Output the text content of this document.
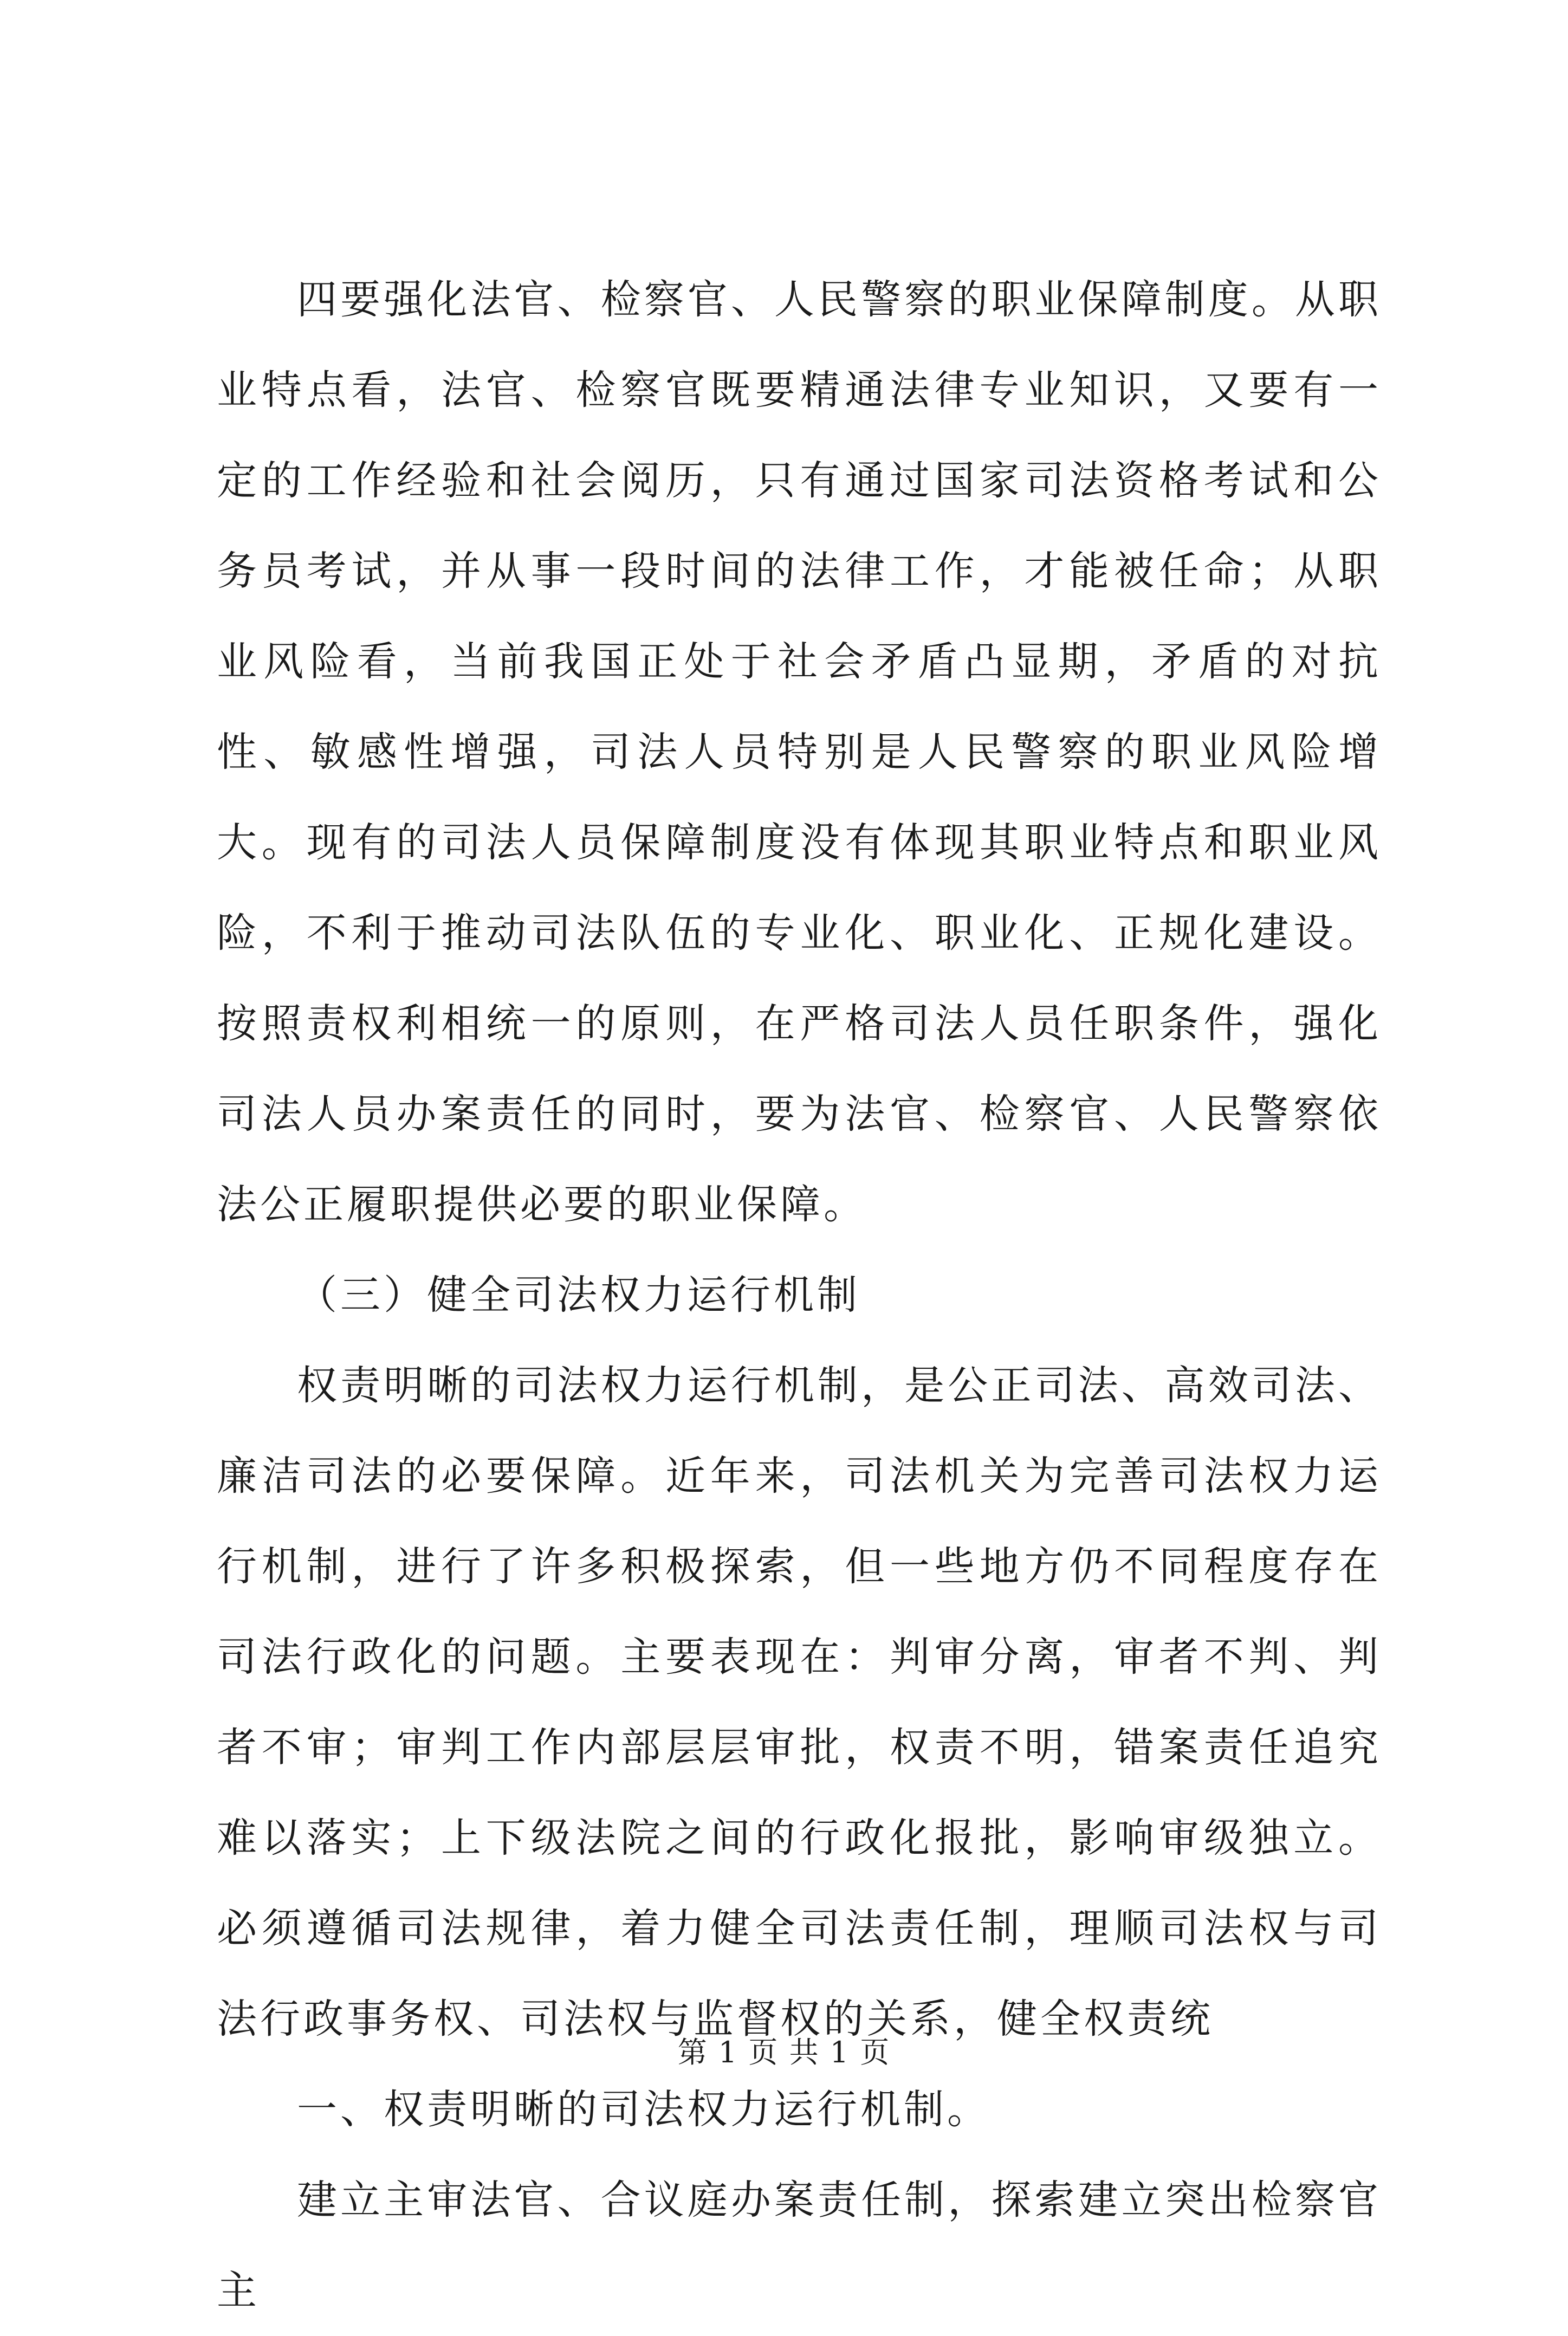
四要强化法官、检察官、人民警察的职业保障制度。从职业特点看，法官、检察官既要精通法律专业知识，又要有一定的工作经验和社会阅历，只有通过国家司法资格考试和公务员考试，并从事一段时间的法律工作，才能被任命；从职业风险看，当前我国正处于社会矛盾凸显期，矛盾的对抗性、敏感性增强，司法人员特别是人民警察的职业风险增大。现有的司法人员保障制度没有体现其职业特点和职业风险，不利于推动司法队伍的专业化、职业化、正规化建设。按照责权利相统一的原则，在严格司法人员任职条件，强化司法人员办案责任的同时，要为法官、检察官、人民警察依法公正履职提供必要的职业保障。

（三）健全司法权力运行机制

权责明晰的司法权力运行机制，是公正司法、高效司法、廉洁司法的必要保障。近年来，司法机关为完善司法权力运行机制，进行了许多积极探索，但一些地方仍不同程度存在司法行政化的问题。主要表现在：判审分离，审者不判、判者不审；审判工作内部层层审批，权责不明，错案责任追究难以落实；上下级法院之间的行政化报批，影响审级独立。必须遵循司法规律，着力健全司法责任制，理顺司法权与司法行政事务权、司法权与监督权的关系，健全权责统

一、权责明晰的司法权力运行机制。

建立主审法官、合议庭办案责任制，探索建立突出检察官主

第 1 页 共 1 页
